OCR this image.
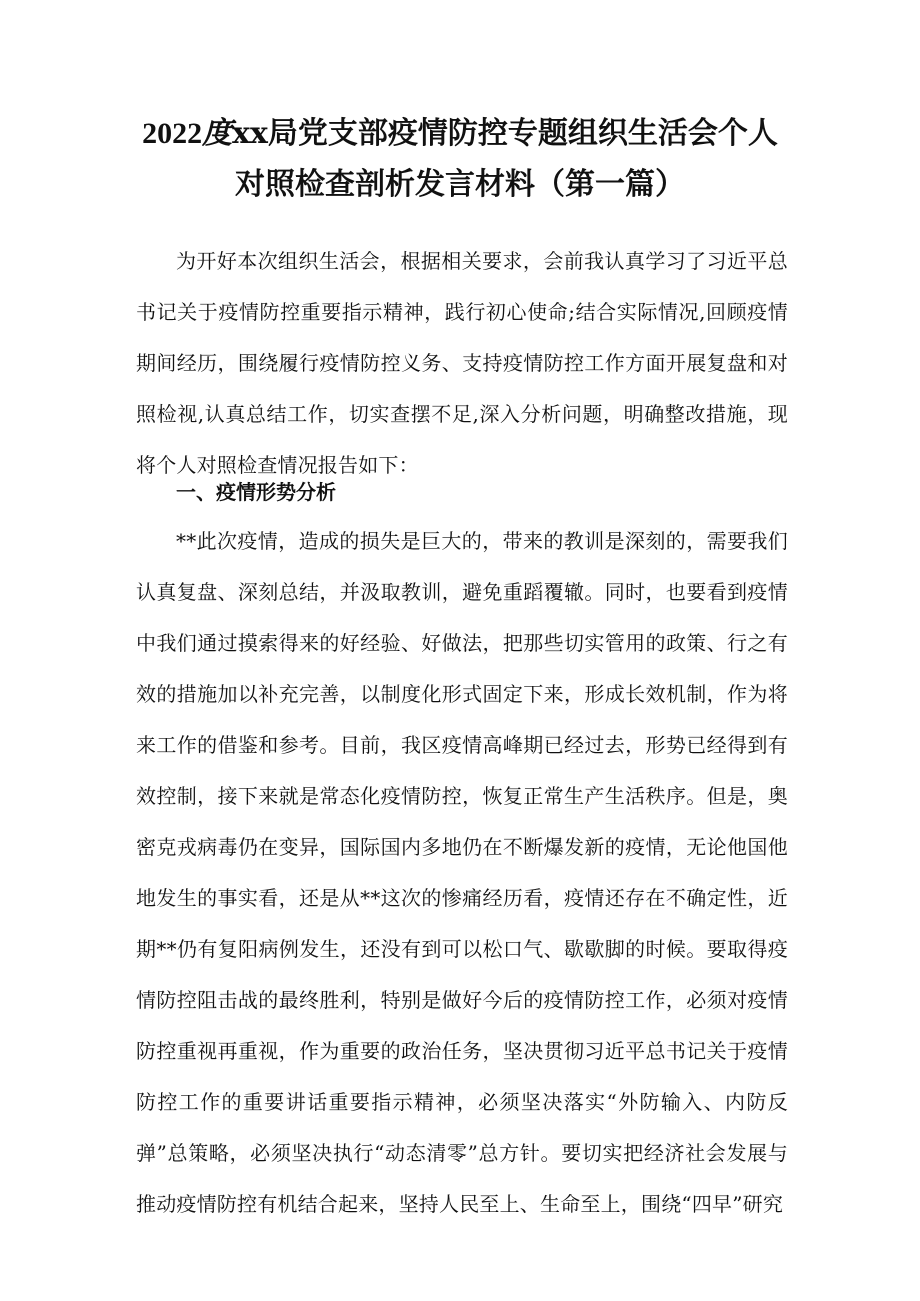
2022度xx局党支部疫情防控专题组织生活会个人
对照检查剖析发言材料（第一篇）

为开好本次组织生活会，根据相关要求，会前我认真学习了习近平总书记关于疫情防控重要指示精神，践行初心使命;结合实际情况,回顾疫情期间经历，围绕履行疫情防控义务、支持疫情防控工作方面开展复盘和对照检视,认真总结工作，切实查摆不足,深入分析问题，明确整改措施，现将个人对照检查情况报告如下：

一、疫情形势分析

**此次疫情，造成的损失是巨大的，带来的教训是深刻的，需要我们认真复盘、深刻总结，并汲取教训，避免重蹈覆辙。同时，也要看到疫情中我们通过摸索得来的好经验、好做法，把那些切实管用的政策、行之有效的措施加以补充完善，以制度化形式固定下来，形成长效机制，作为将来工作的借鉴和参考。目前，我区疫情高峰期已经过去，形势已经得到有效控制，接下来就是常态化疫情防控，恢复正常生产生活秩序。但是，奥密克戎病毒仍在变异，国际国内多地仍在不断爆发新的疫情，无论他国他地发生的事实看，还是从**这次的惨痛经历看，疫情还存在不确定性，近期**仍有复阳病例发生，还没有到可以松口气、歇歇脚的时候。要取得疫情防控阻击战的最终胜利，特别是做好今后的疫情防控工作，必须对疫情防控重视再重视，作为重要的政治任务，坚决贯彻习近平总书记关于疫情防控工作的重要讲话重要指示精神，必须坚决落实“外防输入、内防反弹”总策略，必须坚决执行“动态清零”总方针。要切实把经济社会发展与推动疫情防控有机结合起来，坚持人民至上、生命至上，围绕“四早”研究
